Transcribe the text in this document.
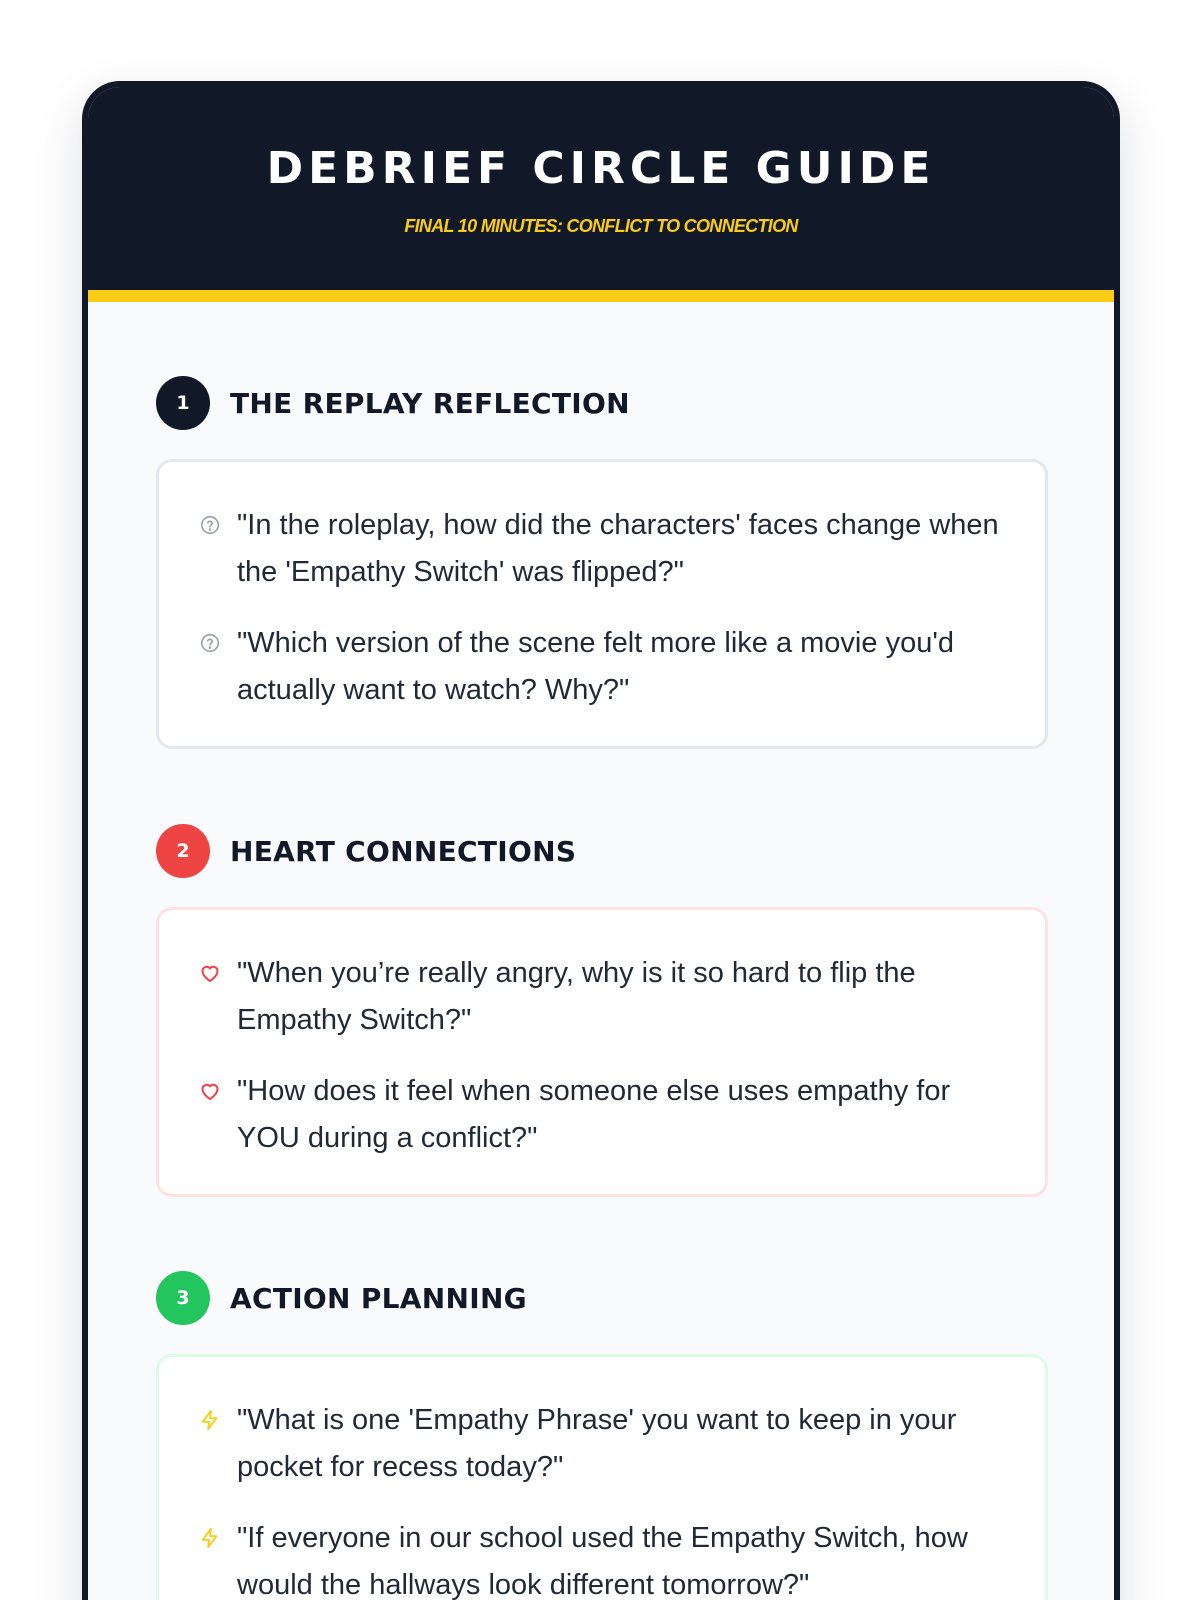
DEBRIEF CIRCLE GUIDE
FINAL 10 MINUTES: CONFLICT TO CONNECTION
1	THE REPLAY REFLECTION
"In the roleplay, how did the characters' faces change when the 'Empathy Switch' was flipped?"
"Which version of the scene felt more like a movie you'd actually want to watch? Why?"
2	HEART CONNECTIONS
"When you’re really angry, why is it so hard to flip the Empathy Switch?"
"How does it feel when someone else uses empathy for YOU during a conflict?"
3	ACTION PLANNING
"What is one 'Empathy Phrase' you want to keep in your pocket for recess today?"
"If everyone in our school used the Empathy Switch, how would the hallways look different tomorrow?"
